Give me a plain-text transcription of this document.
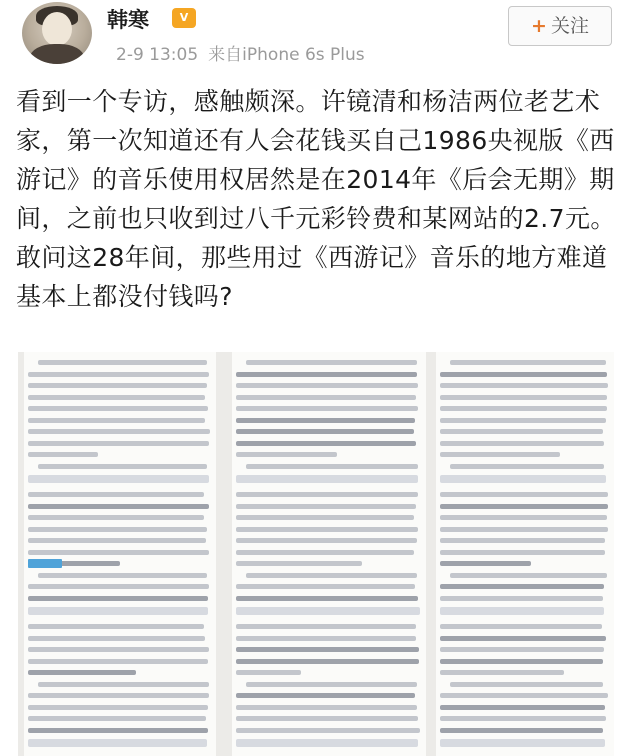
韩寒	V
2-9 13:05 来自iPhone 6s Plus
+ 关注
看到一个专访，感触颇深。许镜清和杨洁两位老艺术家，第一次知道还有人会花钱买自己1986央视版《西游记》的音乐使用权居然是在2014年《后会无期》期间，之前也只收到过八千元彩铃费和某网站的2.7元。敢问这28年间，那些用过《西游记》音乐的地方难道基本上都没付钱吗?
